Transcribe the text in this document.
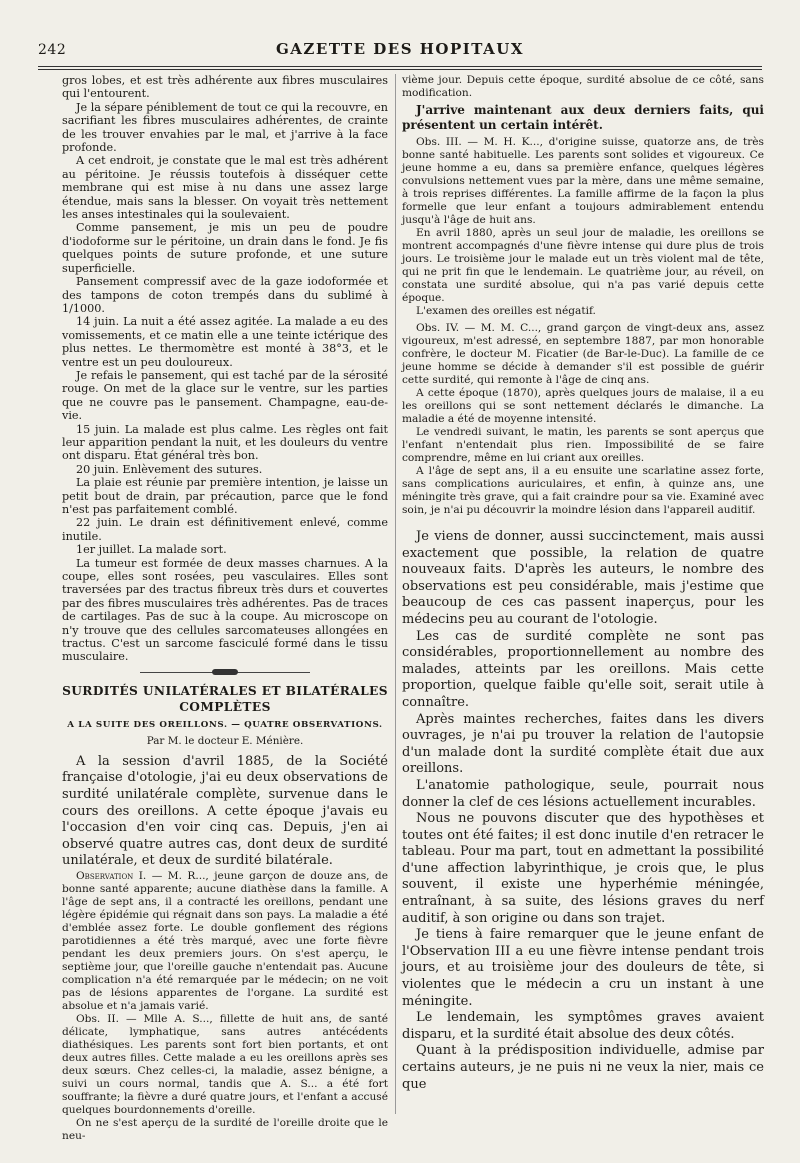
242	GAZETTE DES HOPITAUX

gros lobes, et est très adhérente aux fibres musculaires qui l'entourent.

Je la sépare péniblement de tout ce qui la recouvre, en sacrifiant les fibres musculaires adhérentes, de crainte de les trouver envahies par le mal, et j'arrive à la face profonde.

A cet endroit, je constate que le mal est très adhérent au péritoine. Je réussis toutefois à disséquer cette membrane qui est mise à nu dans une assez large étendue, mais sans la blesser. On voyait très nettement les anses intestinales qui la soulevaient.

Comme pansement, je mis un peu de poudre d'iodoforme sur le péritoine, un drain dans le fond. Je fis quelques points de suture profonde, et une suture superficielle.

Pansement compressif avec de la gaze iodoformée et des tampons de coton trempés dans du sublimé à 1/1000.

14 juin. La nuit a été assez agitée. La malade a eu des vomissements, et ce matin elle a une teinte ictérique des plus nettes. Le thermomètre est monté à 38°3, et le ventre est un peu douloureux.

Je refais le pansement, qui est taché par de la sérosité rouge. On met de la glace sur le ventre, sur les parties que ne couvre pas le pansement. Champagne, eau-de-vie.

15 juin. La malade est plus calme. Les règles ont fait leur apparition pendant la nuit, et les douleurs du ventre ont disparu. État général très bon.

20 juin. Enlèvement des sutures.

La plaie est réunie par première intention, je laisse un petit bout de drain, par précaution, parce que le fond n'est pas parfaitement comblé.

22 juin. Le drain est définitivement enlevé, comme inutile.

1er juillet. La malade sort.

La tumeur est formée de deux masses charnues. A la coupe, elles sont rosées, peu vasculaires. Elles sont traversées par des tractus fibreux très durs et couvertes par des fibres musculaires très adhérentes. Pas de traces de cartilages. Pas de suc à la coupe. Au microscope on n'y trouve que des cellules sarcomateuses allongées en tractus. C'est un sarcome fasciculé formé dans le tissu musculaire.

SURDITÉS UNILATÉRALES ET BILATÉRALES COMPLÈTES
A LA SUITE DES OREILLONS. — QUATRE OBSERVATIONS.
Par M. le docteur E. Ménière.

A la session d'avril 1885, de la Société française d'otologie, j'ai eu deux observations de surdité unilatérale complète, survenue dans le cours des oreillons. A cette époque j'avais eu l'occasion d'en voir cinq cas. Depuis, j'en ai observé quatre autres cas, dont deux de surdité unilatérale, et deux de surdité bilatérale.

Observation I. — M. R..., jeune garçon de douze ans, de bonne santé apparente; aucune diathèse dans la famille. A l'âge de sept ans, il a contracté les oreillons, pendant une légère épidémie qui régnait dans son pays. La maladie a été d'emblée assez forte. Le double gonflement des régions parotidiennes a été très marqué, avec une forte fièvre pendant les deux premiers jours. On s'est aperçu, le septième jour, que l'oreille gauche n'entendait pas. Aucune complication n'a été remarquée par le médecin; on ne voit pas de lésions apparentes de l'organe. La surdité est absolue et n'a jamais varié.

Obs. II. — Mlle A. S..., fillette de huit ans, de santé délicate, lymphatique, sans autres antécédents diathésiques. Les parents sont fort bien portants, et ont deux autres filles. Cette malade a eu les oreillons après ses deux sœurs. Chez celles-ci, la maladie, assez bénigne, a suivi un cours normal, tandis que A. S... a été fort souffrante; la fièvre a duré quatre jours, et l'enfant a accusé quelques bourdonnements d'oreille.

On ne s'est aperçu de la surdité de l'oreille droite que le neu-

vième jour. Depuis cette époque, surdité absolue de ce côté, sans modification.

J'arrive maintenant aux deux derniers faits, qui présentent un certain intérêt.

Obs. III. — M. H. K..., d'origine suisse, quatorze ans, de très bonne santé habituelle. Les parents sont solides et vigoureux. Ce jeune homme a eu, dans sa première enfance, quelques légères convulsions nettement vues par la mère, dans une même semaine, à trois reprises différentes. La famille affirme de la façon la plus formelle que leur enfant a toujours admirablement entendu jusqu'à l'âge de huit ans.

En avril 1880, après un seul jour de maladie, les oreillons se montrent accompagnés d'une fièvre intense qui dure plus de trois jours. Le troisième jour le malade eut un très violent mal de tête, qui ne prit fin que le lendemain. Le quatrième jour, au réveil, on constata une surdité absolue, qui n'a pas varié depuis cette époque.

L'examen des oreilles est négatif.

Obs. IV. — M. M. C..., grand garçon de vingt-deux ans, assez vigoureux, m'est adressé, en septembre 1887, par mon honorable confrère, le docteur M. Ficatier (de Bar-le-Duc). La famille de ce jeune homme se décide à demander s'il est possible de guérir cette surdité, qui remonte à l'âge de cinq ans.

A cette époque (1870), après quelques jours de malaise, il a eu les oreillons qui se sont nettement déclarés le dimanche. La maladie a été de moyenne intensité.

Le vendredi suivant, le matin, les parents se sont aperçus que l'enfant n'entendait plus rien. Impossibilité de se faire comprendre, même en lui criant aux oreilles.

A l'âge de sept ans, il a eu ensuite une scarlatine assez forte, sans complications auriculaires, et enfin, à quinze ans, une méningite très grave, qui a fait craindre pour sa vie. Examiné avec soin, je n'ai pu découvrir la moindre lésion dans l'appareil auditif.

Je viens de donner, aussi succinctement, mais aussi exactement que possible, la relation de quatre nouveaux faits. D'après les auteurs, le nombre des observations est peu considérable, mais j'estime que beaucoup de ces cas passent inaperçus, pour les médecins peu au courant de l'otologie.

Les cas de surdité complète ne sont pas considérables, proportionnellement au nombre des malades, atteints par les oreillons. Mais cette proportion, quelque faible qu'elle soit, serait utile à connaître.

Après maintes recherches, faites dans les divers ouvrages, je n'ai pu trouver la relation de l'autopsie d'un malade dont la surdité complète était due aux oreillons.

L'anatomie pathologique, seule, pourrait nous donner la clef de ces lésions actuellement incurables.

Nous ne pouvons discuter que des hypothèses et toutes ont été faites; il est donc inutile d'en retracer le tableau. Pour ma part, tout en admettant la possibilité d'une affection labyrinthique, je crois que, le plus souvent, il existe une hyperhémie méningée, entraînant, à sa suite, des lésions graves du nerf auditif, à son origine ou dans son trajet.

Je tiens à faire remarquer que le jeune enfant de l'Observation III a eu une fièvre intense pendant trois jours, et au troisième jour des douleurs de tête, si violentes que le médecin a cru un instant à une méningite.

Le lendemain, les symptômes graves avaient disparu, et la surdité était absolue des deux côtés.

Quant à la prédisposition individuelle, admise par certains auteurs, je ne puis ni ne veux la nier, mais ce que
